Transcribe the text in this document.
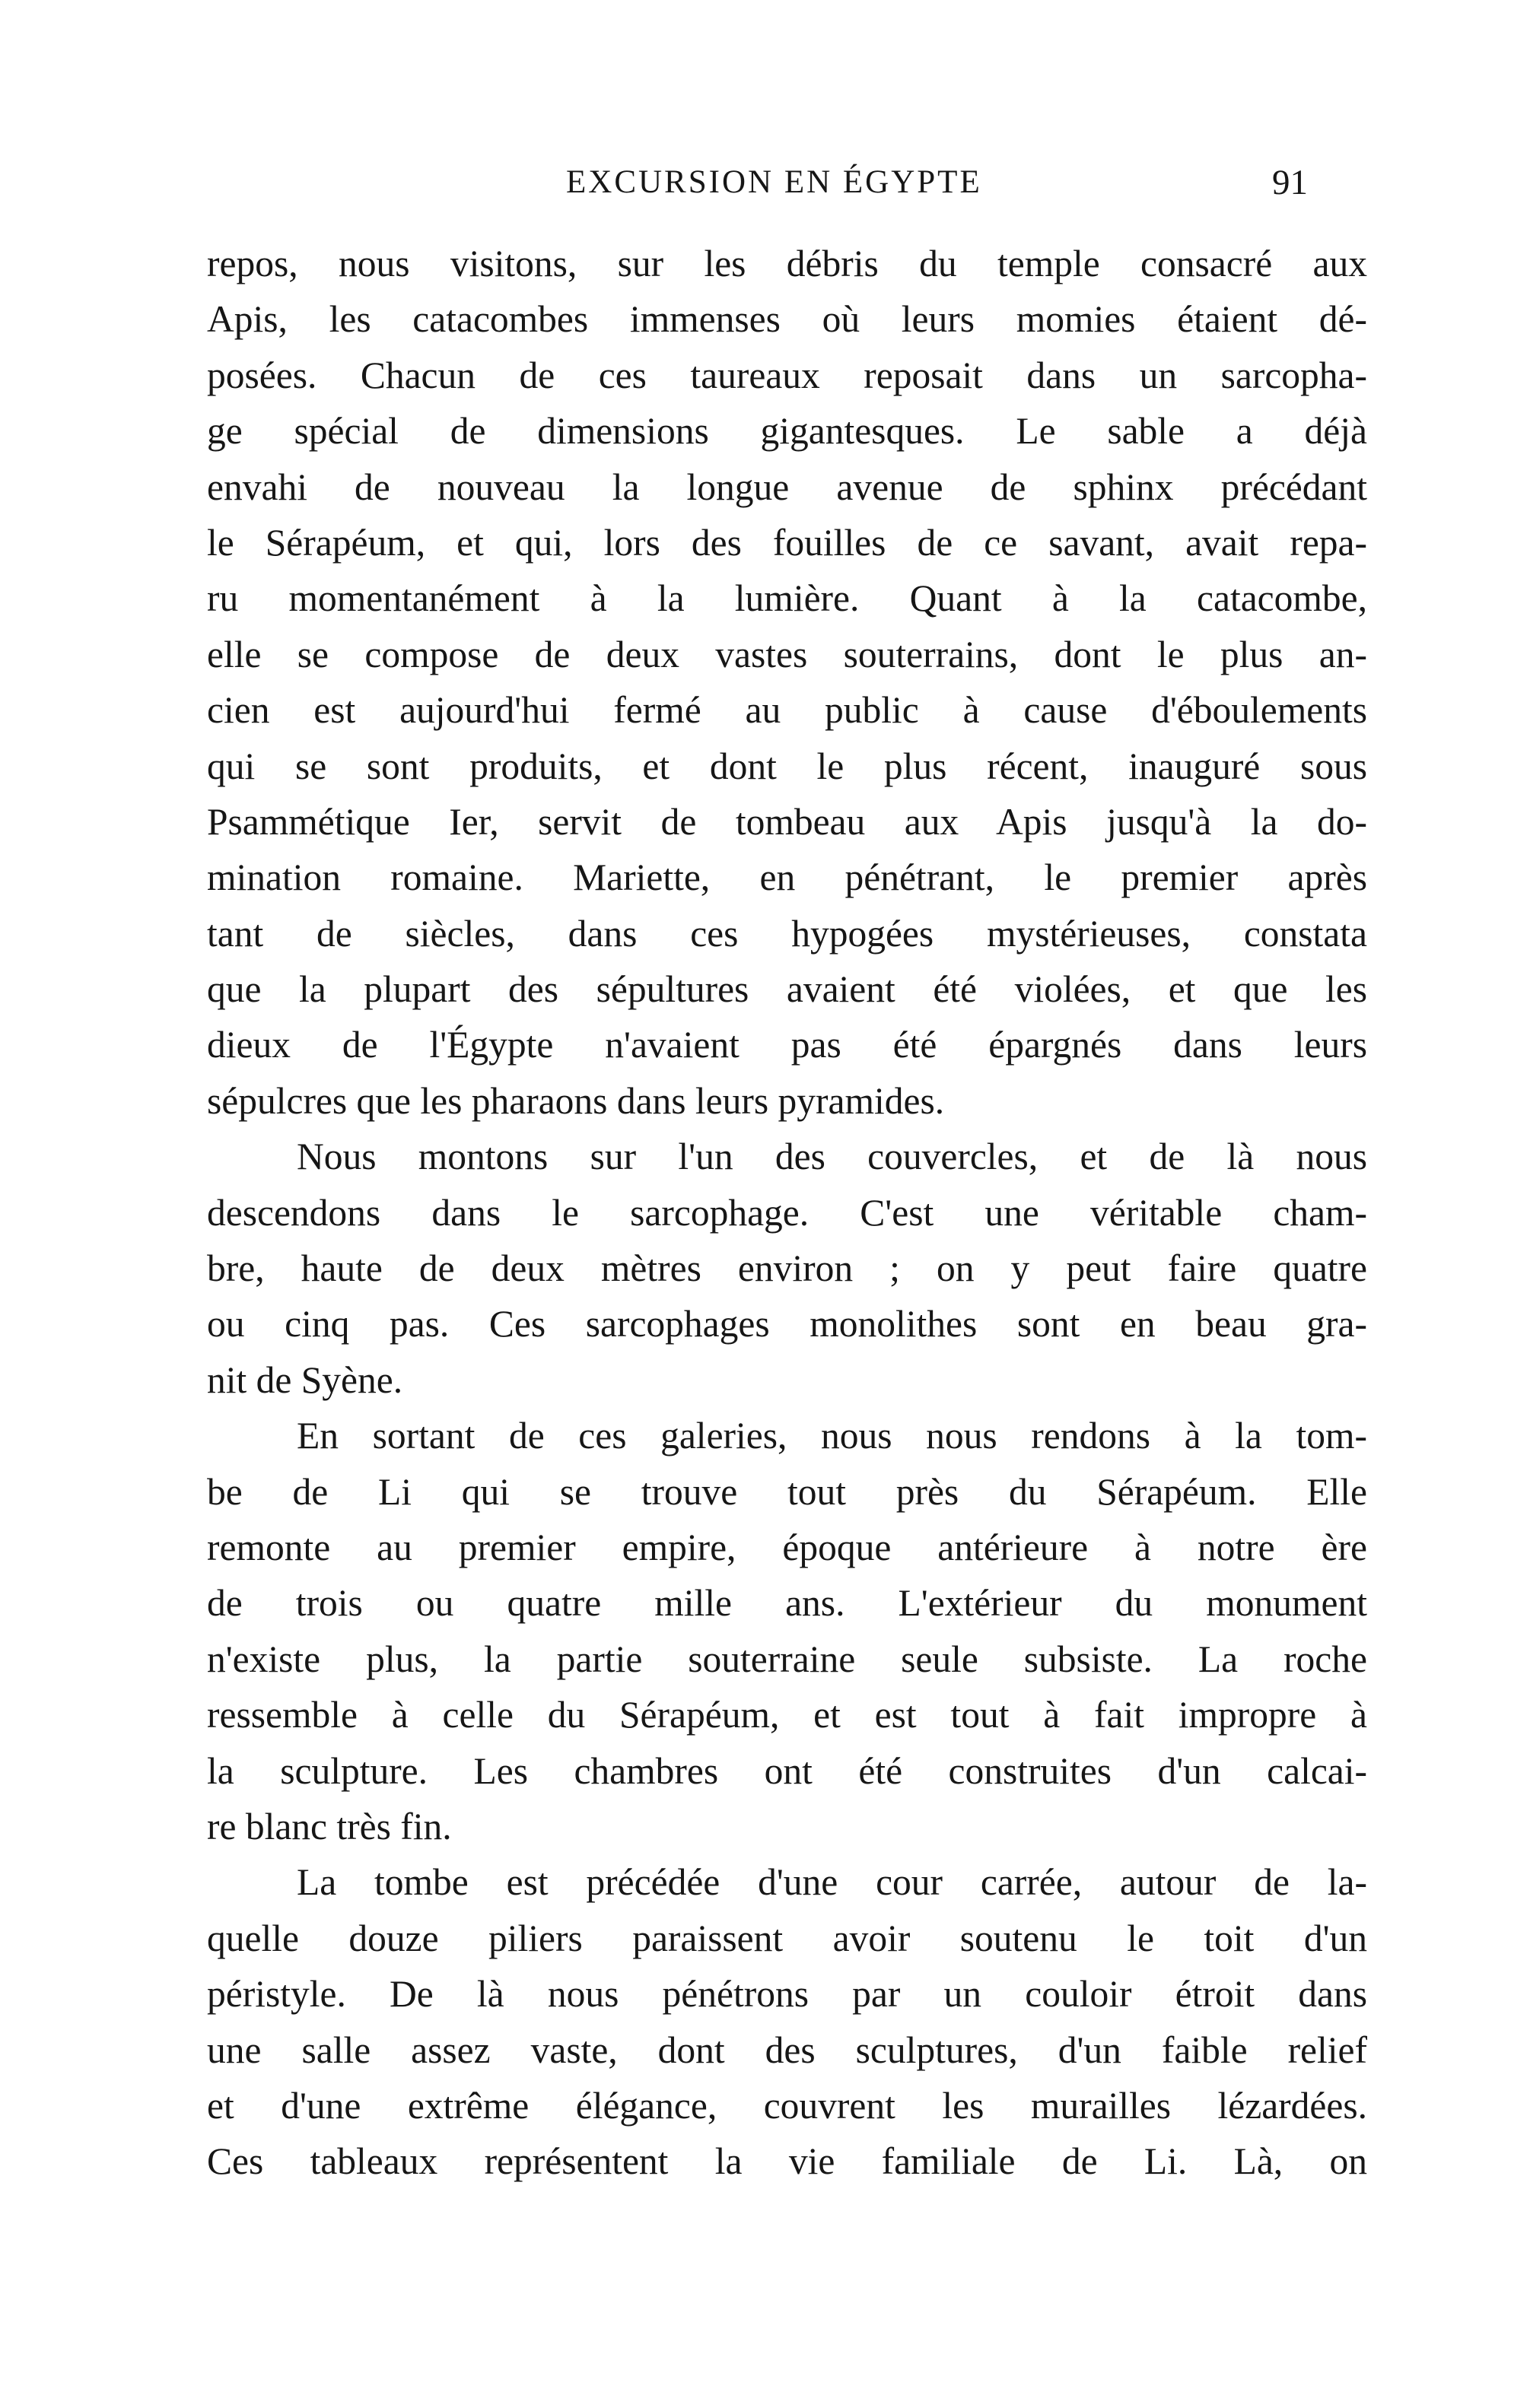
EXCURSION EN ÉGYPTE	91
repos, nous visitons, sur les débris du temple consacré aux
Apis, les catacombes immenses où leurs momies étaient dé-
posées. Chacun de ces taureaux reposait dans un sarcopha-
ge spécial de dimensions gigantesques. Le sable a déjà
envahi de nouveau la longue avenue de sphinx précédant
le Sérapéum, et qui, lors des fouilles de ce savant, avait repa-
ru momentanément à la lumière. Quant à la catacombe,
elle se compose de deux vastes souterrains, dont le plus an-
cien est aujourd'hui fermé au public à cause d'éboulements
qui se sont produits, et dont le plus récent, inauguré sous
Psammétique Ier, servit de tombeau aux Apis jusqu'à la do-
mination romaine. Mariette, en pénétrant, le premier après
tant de siècles, dans ces hypogées mystérieuses, constata
que la plupart des sépultures avaient été violées, et que les
dieux de l'Égypte n'avaient pas été épargnés dans leurs
sépulcres que les pharaons dans leurs pyramides.
Nous montons sur l'un des couvercles, et de là nous
descendons dans le sarcophage. C'est une véritable cham-
bre, haute de deux mètres environ ; on y peut faire quatre
ou cinq pas. Ces sarcophages monolithes sont en beau gra-
nit de Syène.
En sortant de ces galeries, nous nous rendons à la tom-
be de Li qui se trouve tout près du Sérapéum. Elle
remonte au premier empire, époque antérieure à notre ère
de trois ou quatre mille ans. L'extérieur du monument
n'existe plus, la partie souterraine seule subsiste. La roche
ressemble à celle du Sérapéum, et est tout à fait impropre à
la sculpture. Les chambres ont été construites d'un calcai-
re blanc très fin.
La tombe est précédée d'une cour carrée, autour de la-
quelle douze piliers paraissent avoir soutenu le toit d'un
péristyle. De là nous pénétrons par un couloir étroit dans
une salle assez vaste, dont des sculptures, d'un faible relief
et d'une extrême élégance, couvrent les murailles lézardées.
Ces tableaux représentent la vie familiale de Li. Là, on
